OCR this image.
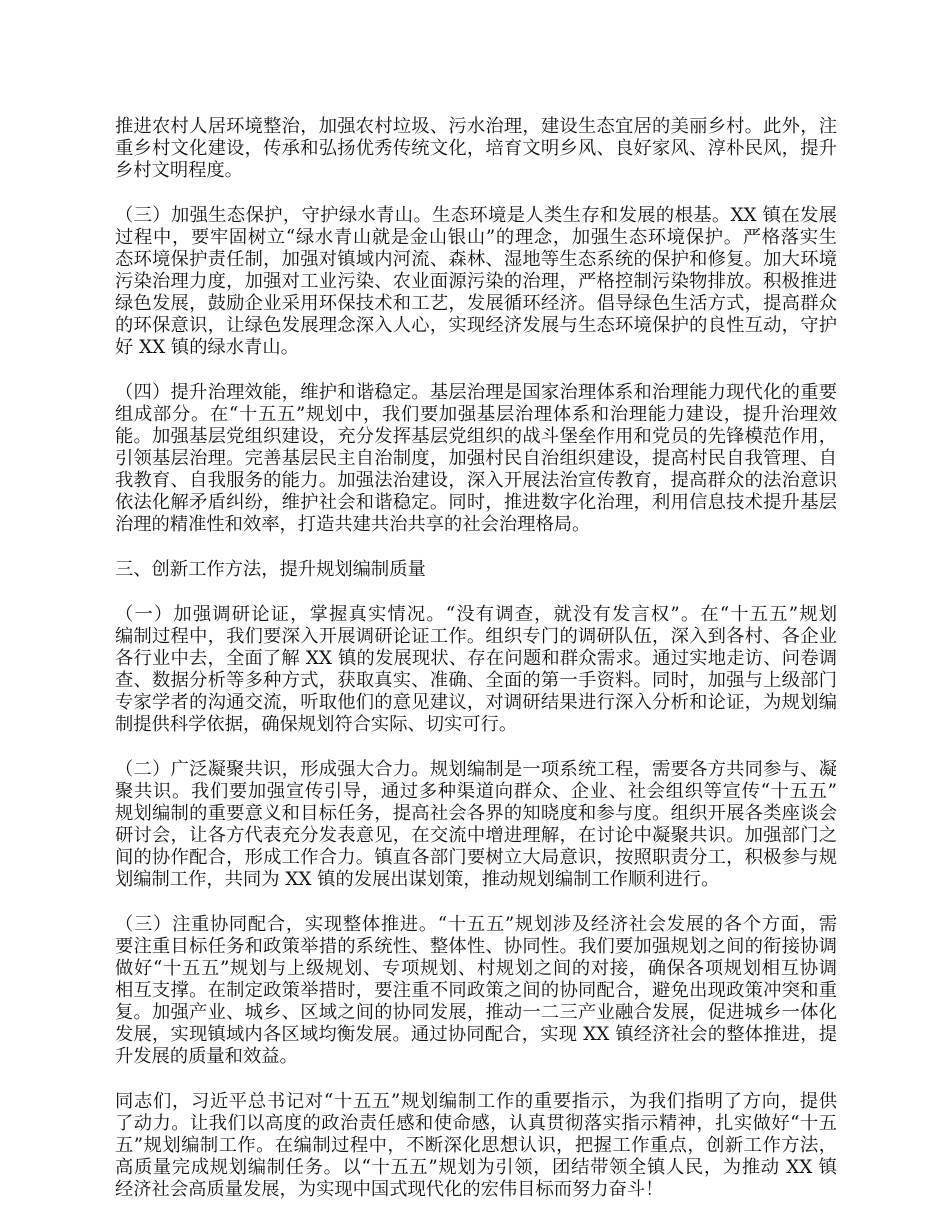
推进农村人居环境整治，加强农村垃圾、污水治理，建设生态宜居的美丽乡村。此外，注
重乡村文化建设，传承和弘扬优秀传统文化，培育文明乡风、良好家风、淳朴民风，提升
乡村文明程度。
（三）加强生态保护，守护绿水青山。生态环境是人类生存和发展的根基。XX 镇在发展
过程中，要牢固树立“绿水青山就是金山银山”的理念，加强生态环境保护。严格落实生
态环境保护责任制，加强对镇域内河流、森林、湿地等生态系统的保护和修复。加大环境
污染治理力度，加强对工业污染、农业面源污染的治理，严格控制污染物排放。积极推进
绿色发展，鼓励企业采用环保技术和工艺，发展循环经济。倡导绿色生活方式，提高群众
的环保意识，让绿色发展理念深入人心，实现经济发展与生态环境保护的良性互动，守护
好 XX 镇的绿水青山。
（四）提升治理效能，维护和谐稳定。基层治理是国家治理体系和治理能力现代化的重要
组成部分。在“十五五”规划中，我们要加强基层治理体系和治理能力建设，提升治理效
能。加强基层党组织建设，充分发挥基层党组织的战斗堡垒作用和党员的先锋模范作用，
引领基层治理。完善基层民主自治制度，加强村民自治组织建设，提高村民自我管理、自
我教育、自我服务的能力。加强法治建设，深入开展法治宣传教育，提高群众的法治意识
依法化解矛盾纠纷，维护社会和谐稳定。同时，推进数字化治理，利用信息技术提升基层
治理的精准性和效率，打造共建共治共享的社会治理格局。
三、创新工作方法，提升规划编制质量
（一）加强调研论证，掌握真实情况。“没有调查，就没有发言权”。在“十五五”规划
编制过程中，我们要深入开展调研论证工作。组织专门的调研队伍，深入到各村、各企业
各行业中去，全面了解 XX 镇的发展现状、存在问题和群众需求。通过实地走访、问卷调
查、数据分析等多种方式，获取真实、准确、全面的第一手资料。同时，加强与上级部门
专家学者的沟通交流，听取他们的意见建议，对调研结果进行深入分析和论证，为规划编
制提供科学依据，确保规划符合实际、切实可行。
（二）广泛凝聚共识，形成强大合力。规划编制是一项系统工程，需要各方共同参与、凝
聚共识。我们要加强宣传引导，通过多种渠道向群众、企业、社会组织等宣传“十五五”
规划编制的重要意义和目标任务，提高社会各界的知晓度和参与度。组织开展各类座谈会
研讨会，让各方代表充分发表意见，在交流中增进理解，在讨论中凝聚共识。加强部门之
间的协作配合，形成工作合力。镇直各部门要树立大局意识，按照职责分工，积极参与规
划编制工作，共同为 XX 镇的发展出谋划策，推动规划编制工作顺利进行。
（三）注重协同配合，实现整体推进。“十五五”规划涉及经济社会发展的各个方面，需
要注重目标任务和政策举措的系统性、整体性、协同性。我们要加强规划之间的衔接协调
做好“十五五”规划与上级规划、专项规划、村规划之间的对接，确保各项规划相互协调
相互支撑。在制定政策举措时，要注重不同政策之间的协同配合，避免出现政策冲突和重
复。加强产业、城乡、区域之间的协同发展，推动一二三产业融合发展，促进城乡一体化
发展，实现镇域内各区域均衡发展。通过协同配合，实现 XX 镇经济社会的整体推进，提
升发展的质量和效益。
同志们，习近平总书记对“十五五”规划编制工作的重要指示，为我们指明了方向，提供
了动力。让我们以高度的政治责任感和使命感，认真贯彻落实指示精神，扎实做好“十五
五”规划编制工作。在编制过程中，不断深化思想认识，把握工作重点，创新工作方法，
高质量完成规划编制任务。以“十五五”规划为引领，团结带领全镇人民，为推动 XX 镇
经济社会高质量发展，为实现中国式现代化的宏伟目标而努力奋斗！
